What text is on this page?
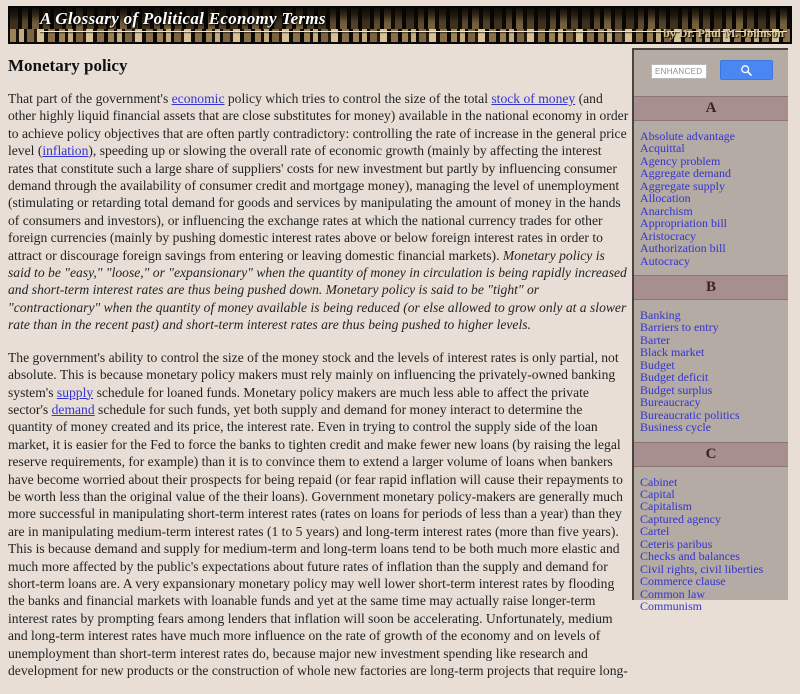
A Glossary of Political Economy Terms
by Dr. Paul M. Johnson
Monetary policy

That part of the government's economic policy which tries to control the size of the total stock of money (and other highly liquid financial assets that are close substitutes for money) available in the national economy in order to achieve policy objectives that are often partly contradictory: controlling the rate of increase in the general price level (inflation), speeding up or slowing the overall rate of economic growth (mainly by affecting the interest rates that constitute such a large share of suppliers' costs for new investment but partly by influencing consumer demand through the availability of consumer credit and mortgage money), managing the level of unemployment (stimulating or retarding total demand for goods and services by manipulating the amount of money in the hands of consumers and investors), or influencing the exchange rates at which the national currency trades for other foreign currencies (mainly by pushing domestic interest rates above or below foreign interest rates in order to attract or discourage foreign savings from entering or leaving domestic financial markets). Monetary policy is said to be "easy," "loose," or "expansionary" when the quantity of money in circulation is being rapidly increased and short-term interest rates are thus being pushed down. Monetary policy is said to be "tight" or "contractionary" when the quantity of money available is being reduced (or else allowed to grow only at a slower rate than in the recent past) and short-term interest rates are thus being pushed to higher levels.

The government's ability to control the size of the money stock and the levels of interest rates is only partial, not absolute. This is because monetary policy makers must rely mainly on influencing the privately-owned banking system's supply schedule for loaned funds. Monetary policy makers are much less able to affect the private sector's demand schedule for such funds, yet both supply and demand for money interact to determine the quantity of money created and its price, the interest rate. Even in trying to control the supply side of the loan market, it is easier for the Fed to force the banks to tighten credit and make fewer new loans (by raising the legal reserve requirements, for example) than it is to convince them to extend a larger volume of loans when bankers have become worried about their prospects for being repaid (or fear rapid inflation will cause their repayments to be worth less than the original value of the their loans). Government monetary policy-makers are generally much more successful in manipulating short-term interest rates (rates on loans for periods of less than a year) than they are in manipulating medium-term interest rates (1 to 5 years) and long-term interest rates (more than five years). This is because demand and supply for medium-term and long-term loans tend to be both much more elastic and much more affected by the public's expectations about future rates of inflation than the supply and demand for short-term loans are. A very expansionary monetary policy may well lower short-term interest rates by flooding the banks and financial markets with loanable funds and yet at the same time may actually raise longer-term interest rates by prompting fears among lenders that inflation will soon be accelerating. Unfortunately, medium and long-term interest rates have much more influence on the rate of growth of the economy and on levels of unemployment than short-term interest rates do, because major new investment spending like research and development for new products or the construction of whole new factories are long-term projects that require long-

ENHANCED
A
Absolute advantage
Acquittal
Agency problem
Aggregate demand
Aggregate supply
Allocation
Anarchism
Appropriation bill
Aristocracy
Authorization bill
Autocracy
B
Banking
Barriers to entry
Barter
Black market
Budget
Budget deficit
Budget surplus
Bureaucracy
Bureaucratic politics
Business cycle
C
Cabinet
Capital
Capitalism
Captured agency
Cartel
Ceteris paribus
Checks and balances
Civil rights, civil liberties
Commerce clause
Common law
Communism
